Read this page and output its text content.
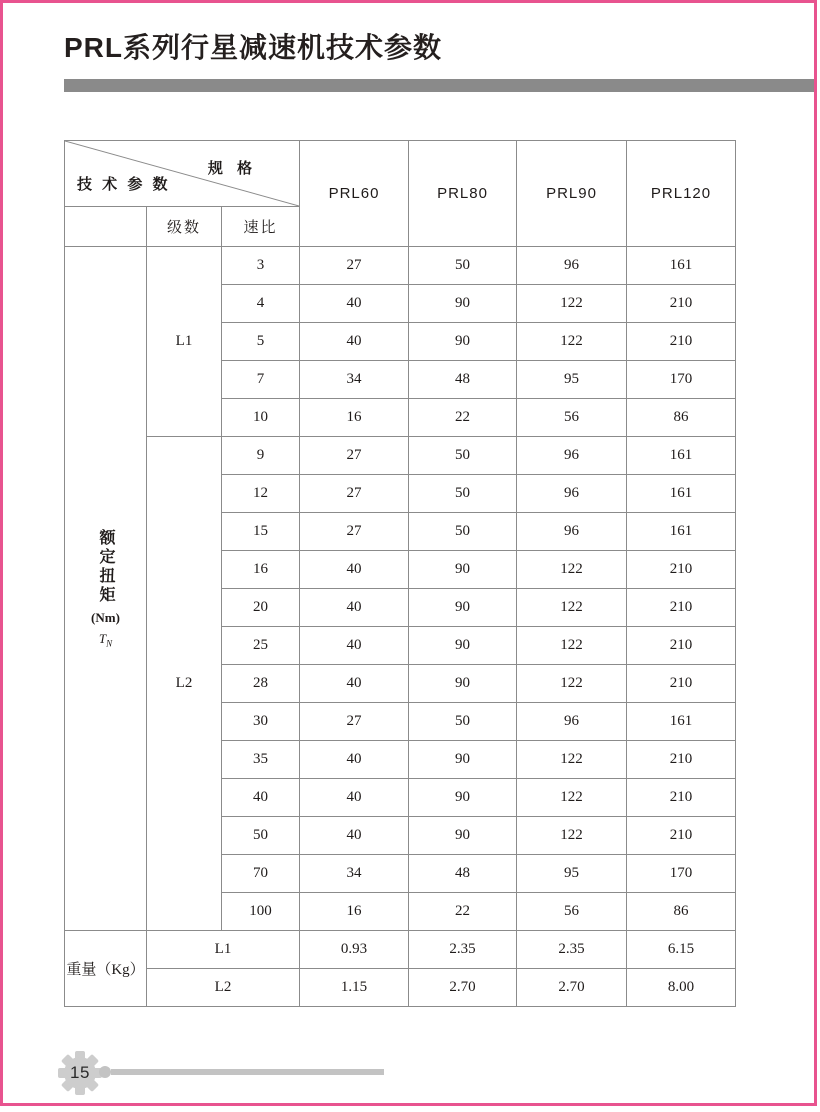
PRL系列行星减速机技术参数
规 格
技 术 参 数			PRL60	PRL80	PRL90	PRL120
	级数	速比				

额定扭矩
(Nm)
$T_N$	L1	3	27	50	96	161
		4	40	90	122	210
		5	40	90	122	210
		7	34	48	95	170
		10	16	22	56	86
	L2	9	27	50	96	161
		12	27	50	96	161
		15	27	50	96	161
		16	40	90	122	210
		20	40	90	122	210
		25	40	90	122	210
		28	40	90	122	210
		30	27	50	96	161
		35	40	90	122	210
		40	40	90	122	210
		50	40	90	122	210
		70	34	48	95	170
		100	16	22	56	86
重量（Kg）	L1		0.93	2.35	2.35	6.15
	L2		1.15	2.70	2.70	8.00
15
